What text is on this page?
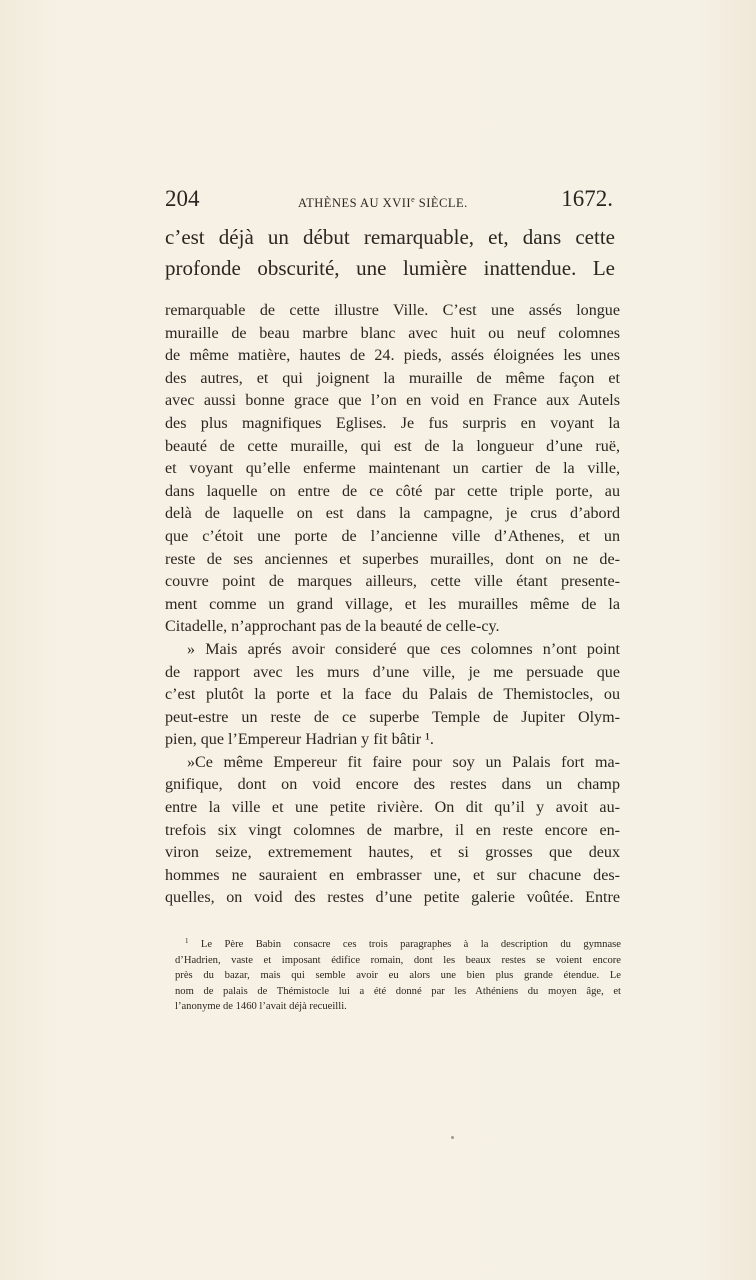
204	ATHÈNES AU XVIIe SIÈCLE.	1672.
c’est déjà un début remarquable, et, dans cette
profonde obscurité, une lumière inattendue. Le
remarquable de cette illustre Ville. C’est une assés longue
muraille de beau marbre blanc avec huit ou neuf colomnes
de même matière, hautes de 24. pieds, assés éloignées les unes
des autres, et qui joignent la muraille de même façon et
avec aussi bonne grace que l’on en void en France aux Autels
des plus magnifiques Eglises. Je fus surpris en voyant la
beauté de cette muraille, qui est de la longueur d’une ruë,
et voyant qu’elle enferme maintenant un cartier de la ville,
dans laquelle on entre de ce côté par cette triple porte, au
delà de laquelle on est dans la campagne, je crus d’abord
que c’étoit une porte de l’ancienne ville d’Athenes, et un
reste de ses anciennes et superbes murailles, dont on ne de-
couvre point de marques ailleurs, cette ville étant presente-
ment comme un grand village, et les murailles même de la
Citadelle, n’approchant pas de la beauté de celle-cy.
» Mais aprés avoir consideré que ces colomnes n’ont point
de rapport avec les murs d’une ville, je me persuade que
c’est plutôt la porte et la face du Palais de Themistocles, ou
peut-estre un reste de ce superbe Temple de Jupiter Olym-
pien, que l’Empereur Hadrian y fit bâtir ¹.
»Ce même Empereur fit faire pour soy un Palais fort ma-
gnifique, dont on void encore des restes dans un champ
entre la ville et une petite rivière. On dit qu’il y avoit au-
trefois six vingt colomnes de marbre, il en reste encore en-
viron seize, extremement hautes, et si grosses que deux
hommes ne sauraient en embrasser une, et sur chacune des-
quelles, on void des restes d’une petite galerie voûtée. Entre
$^1$ Le Père Babin consacre ces trois paragraphes à la description du gymnase
d’Hadrien, vaste et imposant édifice romain, dont les beaux restes se voient encore
près du bazar, mais qui semble avoir eu alors une bien plus grande étendue. Le
nom de palais de Thémistocle lui a été donné par les Athéniens du moyen âge, et
l’anonyme de 1460 l’avait déjà recueilli.
